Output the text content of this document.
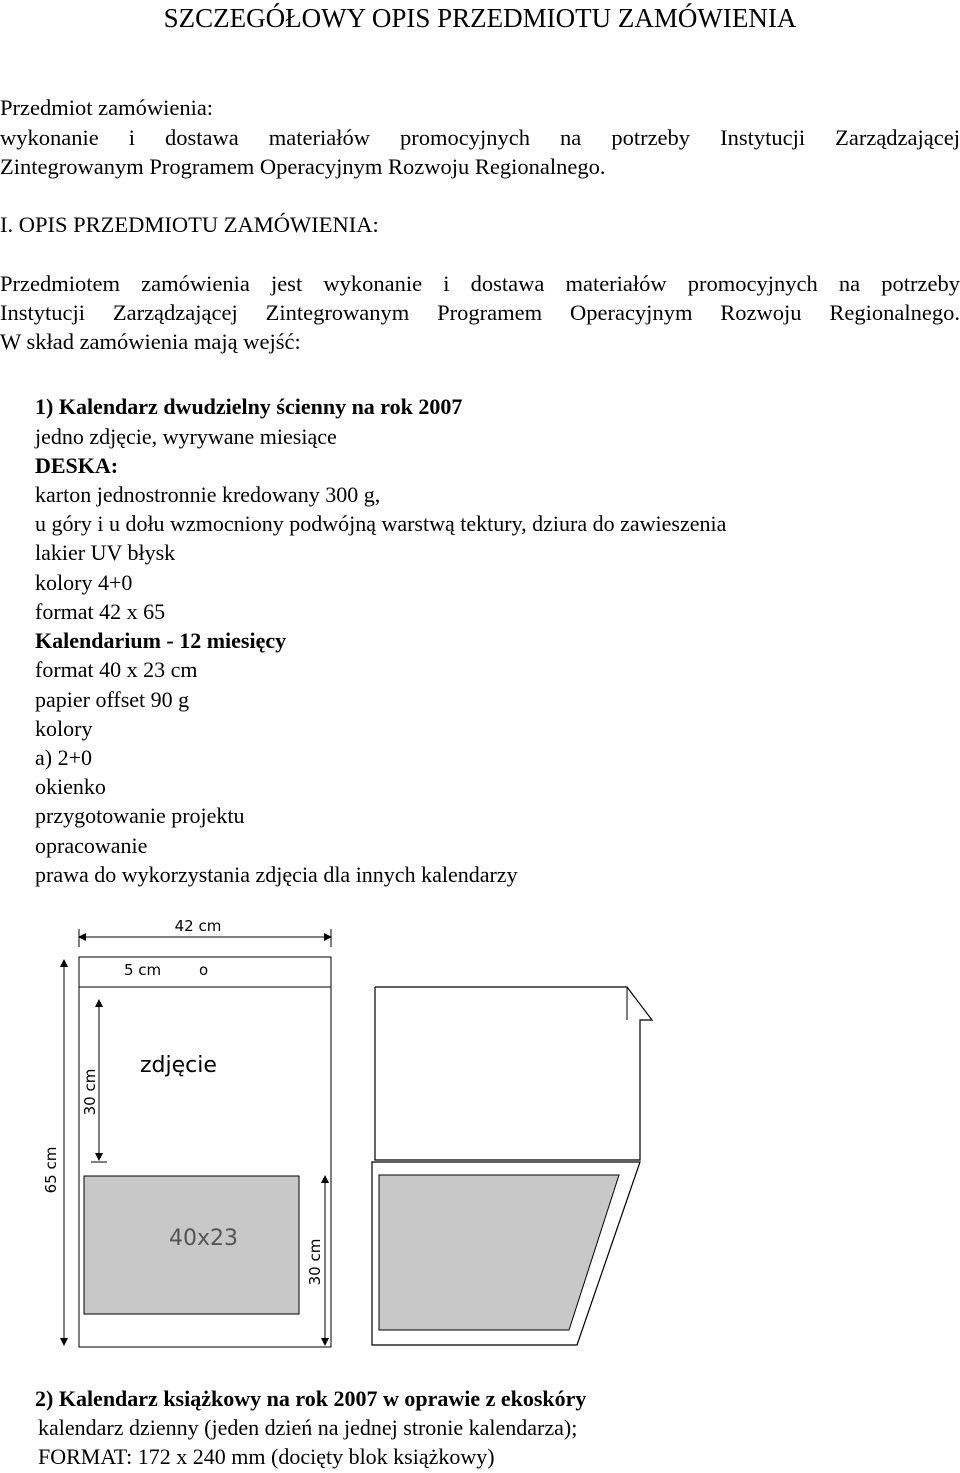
SZCZEGÓŁOWY OPIS PRZEDMIOTU ZAMÓWIENIA

Przedmiot zamówienia:

wykonanie i dostawa materiałów promocyjnych na potrzeby Instytucji Zarządzającej

Zintegrowanym Programem Operacyjnym Rozwoju Regionalnego.

I. OPIS PRZEDMIOTU ZAMÓWIENIA:

Przedmiotem zamówienia jest wykonanie i dostawa materiałów promocyjnych na potrzeby

Instytucji Zarządzającej Zintegrowanym Programem Operacyjnym Rozwoju Regionalnego.

W skład zamówienia mają wejść:

1) Kalendarz dwudzielny ścienny na rok 2007

jedno zdjęcie, wyrywane miesiące

DESKA:

karton jednostronnie kredowany 300 g,

u góry i u dołu wzmocniony podwójną warstwą tektury, dziura do zawieszenia

lakier UV błysk

kolory 4+0

format 42 x 65

Kalendarium - 12 miesięcy

format 40 x 23 cm

papier offset 90 g

kolory

a) 2+0

okienko

przygotowanie projektu

opracowanie

prawa do wykorzystania zdjęcia dla innych kalendarzy

42 cm
5 cm	o
zdjęcie
30 cm
65 cm
40x23
30 cm

2) Kalendarz książkowy na rok 2007 w oprawie z ekoskóry

kalendarz dzienny (jeden dzień na jednej stronie kalendarza);

FORMAT: 172 x 240 mm (docięty blok książkowy)
